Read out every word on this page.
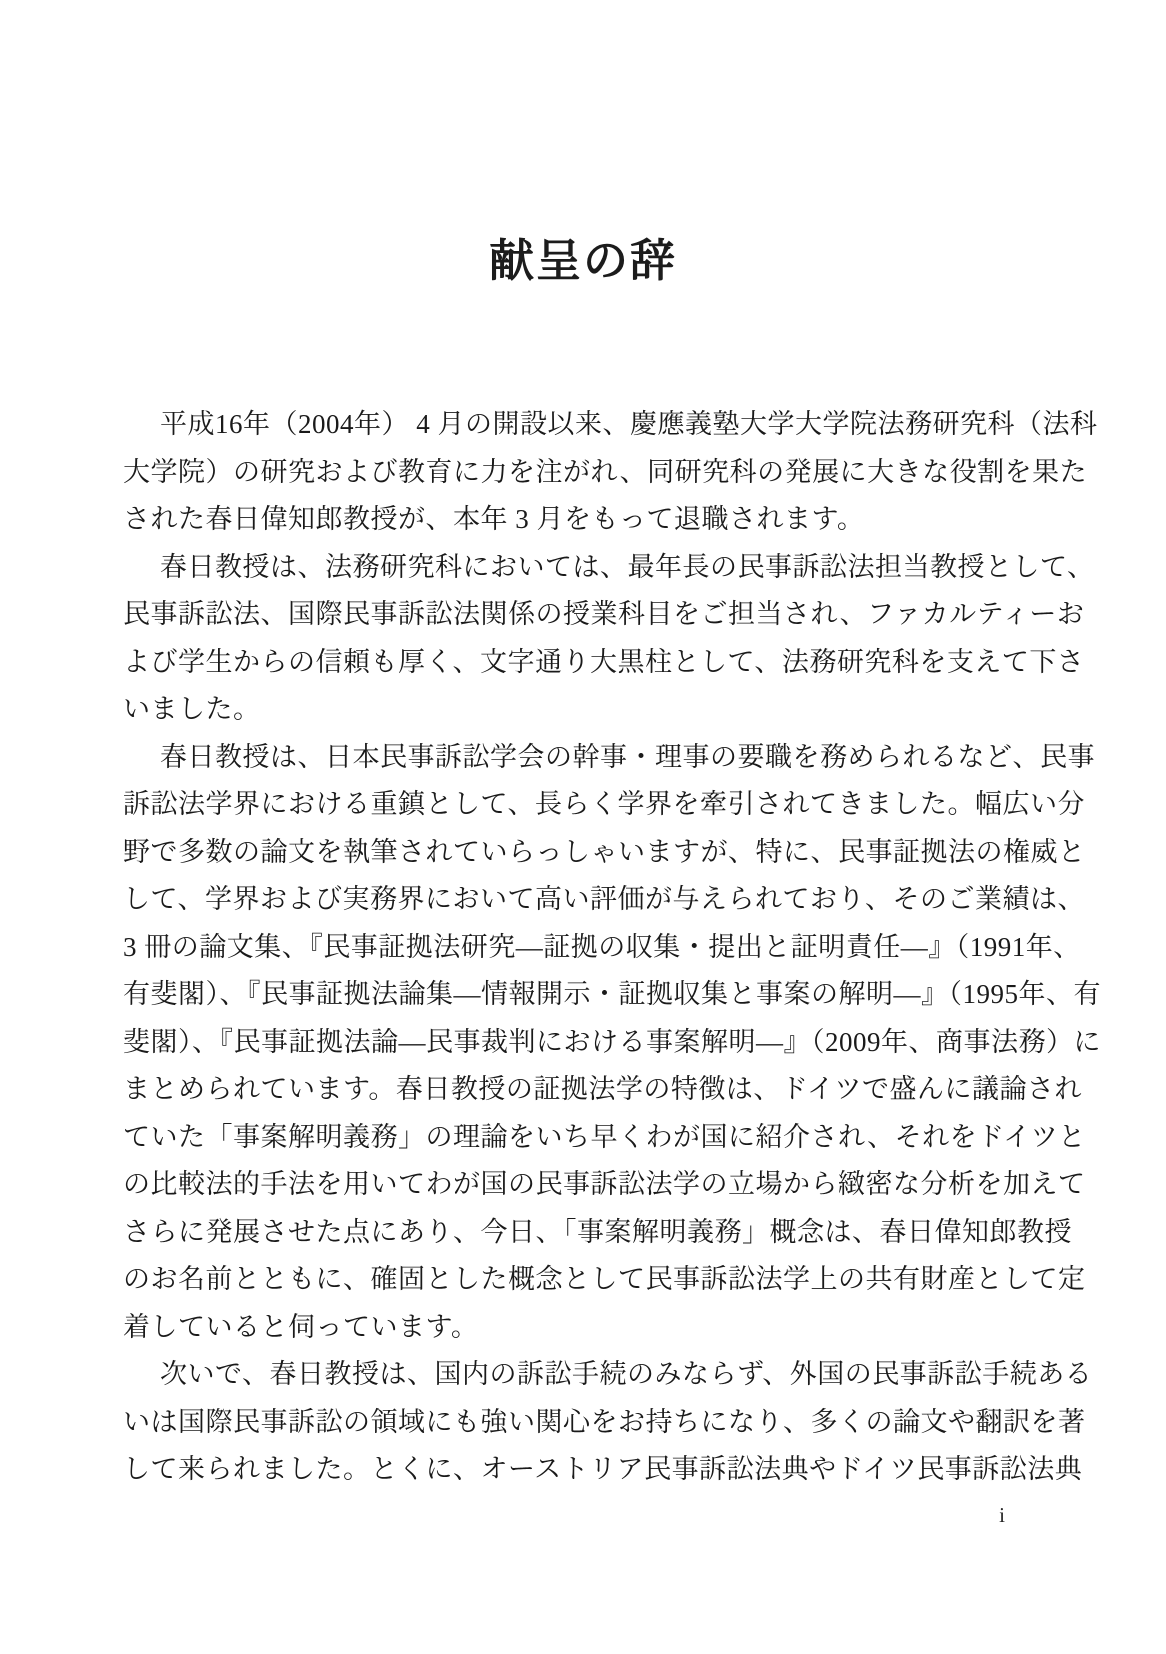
献呈の辞
平成16年（2004年） 4 月の開設以来、慶應義塾大学大学院法務研究科（法科
大学院）の研究および教育に力を注がれ、同研究科の発展に大きな役割を果た
された春日偉知郎教授が、本年 3 月をもって退職されます。
春日教授は、法務研究科においては、最年長の民事訴訟法担当教授として、
民事訴訟法、国際民事訴訟法関係の授業科目をご担当され、ファカルティーお
よび学生からの信頼も厚く、文字通り大黒柱として、法務研究科を支えて下さ
いました。
春日教授は、日本民事訴訟学会の幹事・理事の要職を務められるなど、民事
訴訟法学界における重鎮として、長らく学界を牽引されてきました。幅広い分
野で多数の論文を執筆されていらっしゃいますが、特に、民事証拠法の権威と
して、学界および実務界において高い評価が与えられており、そのご業績は、
3 冊の論文集、『民事証拠法研究―証拠の収集・提出と証明責任―』（1991年、
有斐閣）、『民事証拠法論集―情報開示・証拠収集と事案の解明―』（1995年、有
斐閣）、『民事証拠法論―民事裁判における事案解明―』（2009年、商事法務）に
まとめられています。春日教授の証拠法学の特徴は、ドイツで盛んに議論され
ていた「事案解明義務」の理論をいち早くわが国に紹介され、それをドイツと
の比較法的手法を用いてわが国の民事訴訟法学の立場から緻密な分析を加えて
さらに発展させた点にあり、今日、「事案解明義務」概念は、春日偉知郎教授
のお名前とともに、確固とした概念として民事訴訟法学上の共有財産として定
着していると伺っています。
次いで、春日教授は、国内の訴訟手続のみならず、外国の民事訴訟手続ある
いは国際民事訴訟の領域にも強い関心をお持ちになり、多くの論文や翻訳を著
して来られました。とくに、オーストリア民事訴訟法典やドイツ民事訴訟法典
i
